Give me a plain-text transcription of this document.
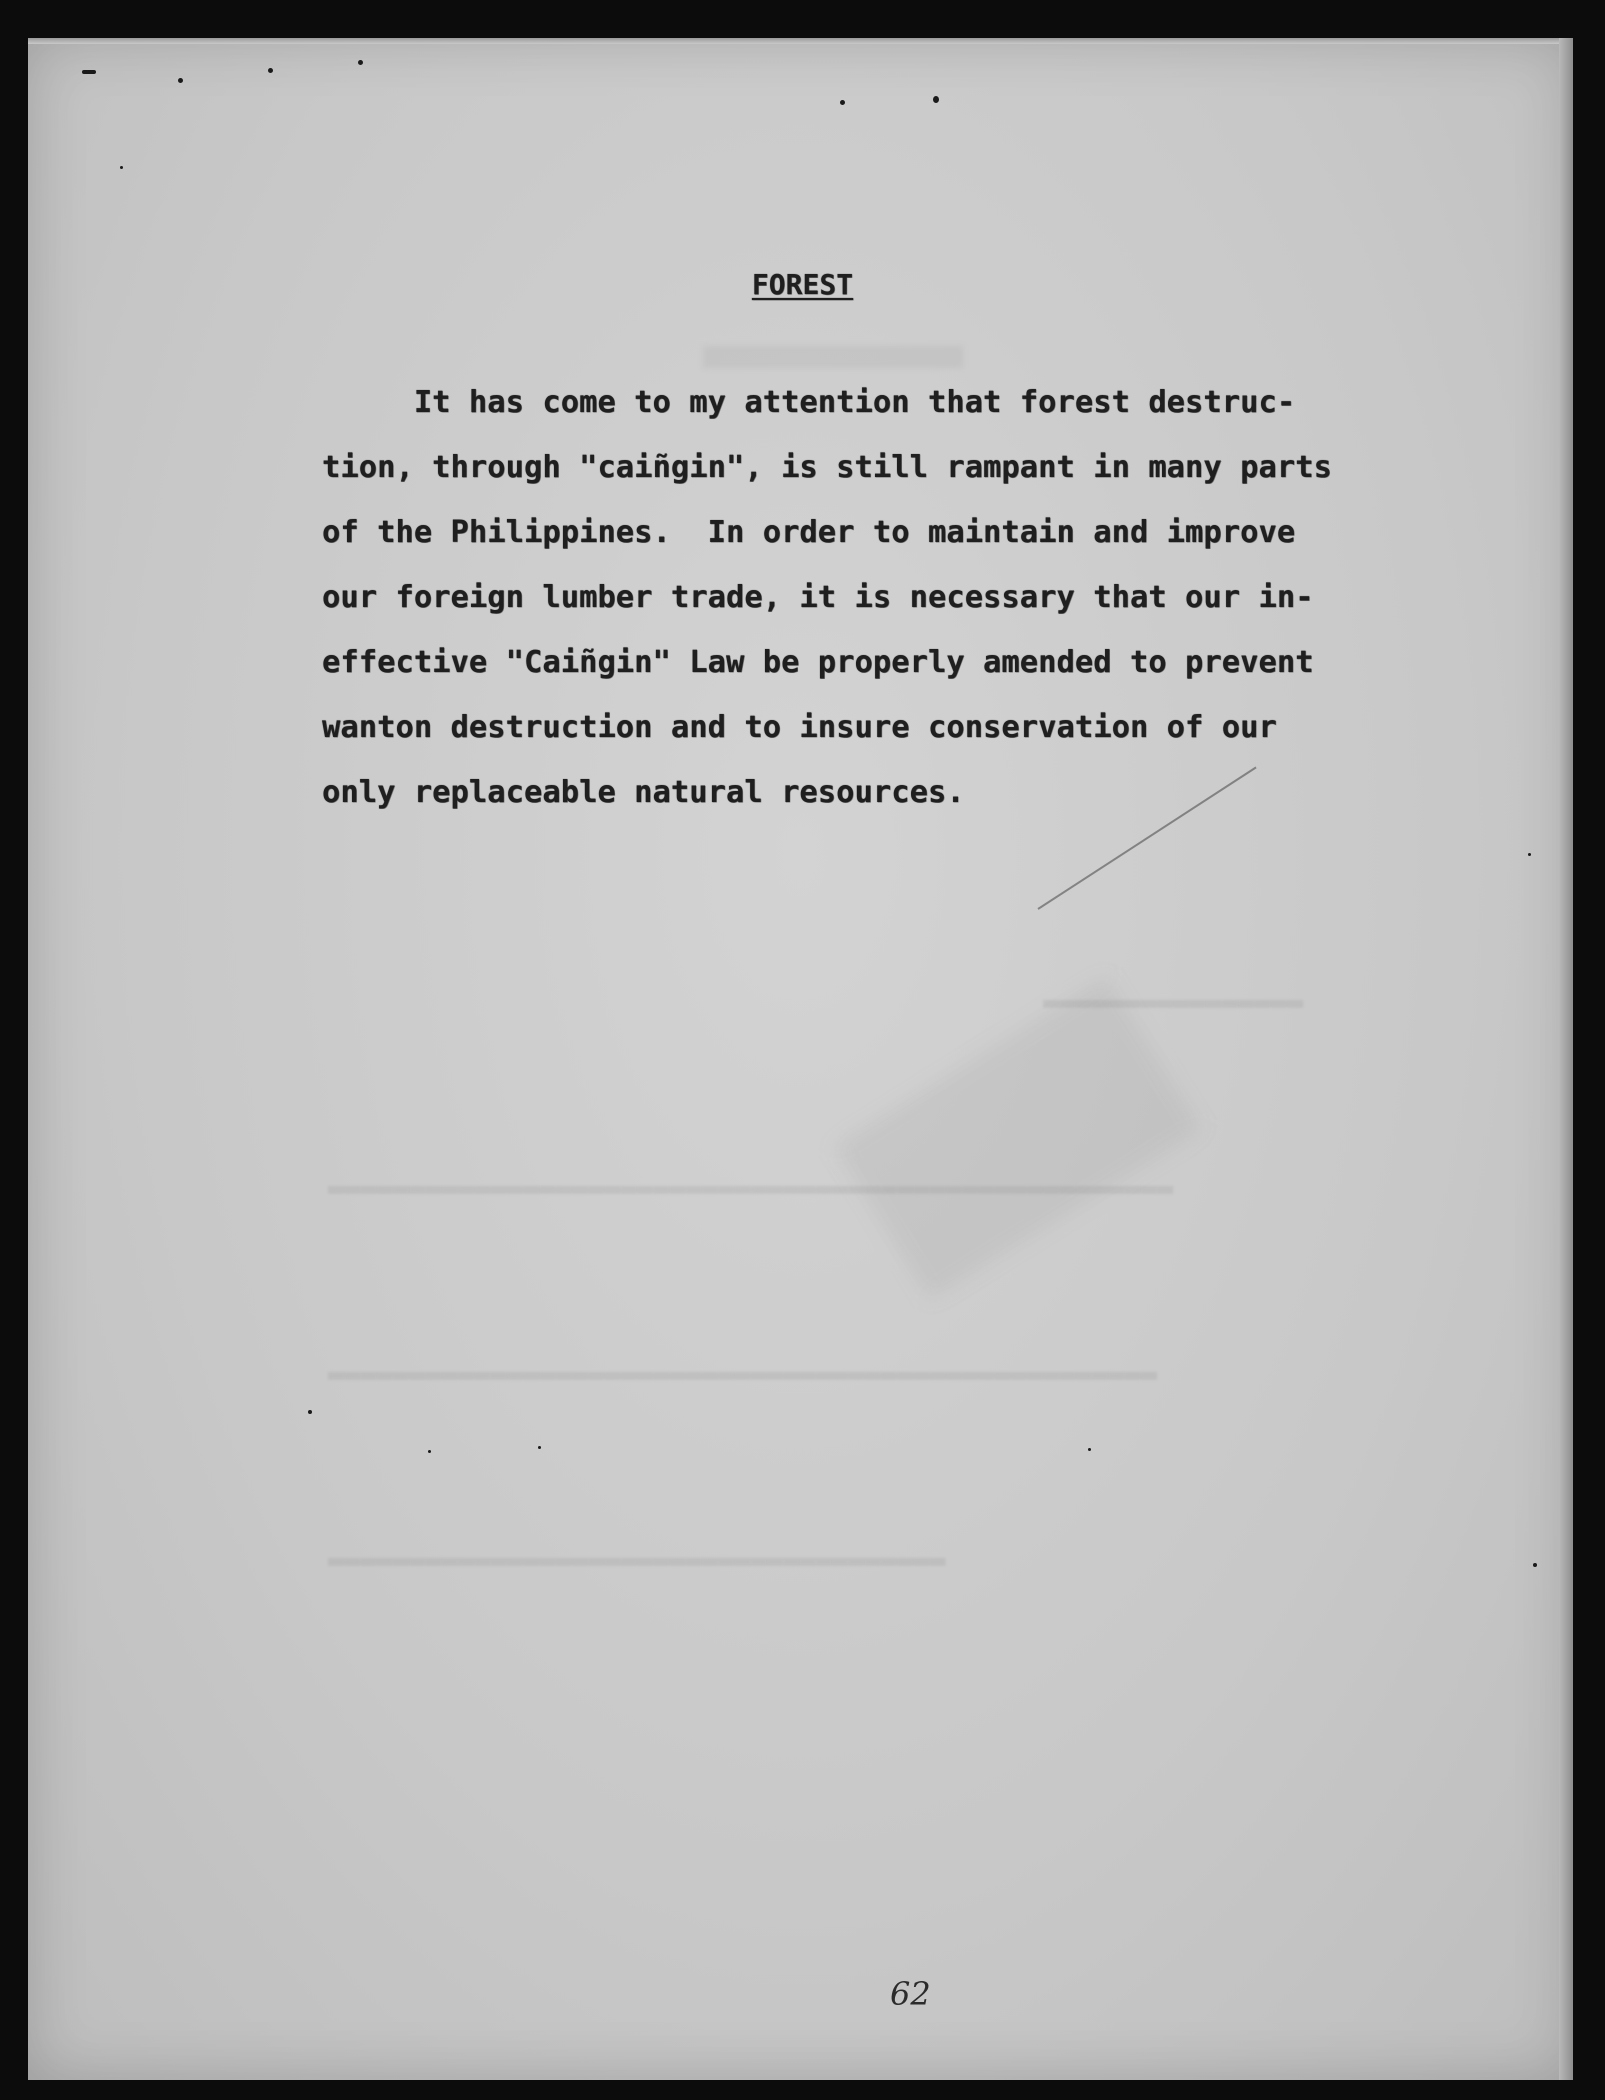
▬▬▬▬▬▬▬▬▬▬▬▬▬▬▬▬

▬▬▬▬▬▬▬▬▬▬▬▬▬▬▬▬▬▬▬▬▬▬▬▬▬▬▬▬▬▬▬▬▬▬▬▬▬▬▬▬▬▬▬▬▬▬▬▬▬▬▬▬

▬▬▬▬▬▬▬▬▬▬▬▬▬▬▬▬▬▬▬▬▬▬▬▬▬▬▬▬▬▬▬▬▬▬▬▬▬▬▬▬▬▬▬▬▬▬▬▬▬▬▬

▬▬▬▬▬▬▬▬▬▬▬▬▬▬▬▬▬▬▬▬▬▬▬▬▬▬▬▬▬▬▬▬▬▬▬▬▬▬

FOREST
It has come to my attention that forest destruc-
tion, through "caiñgin", is still rampant in many parts
of the Philippines.  In order to maintain and improve
our foreign lumber trade, it is necessary that our in-
effective "Caiñgin" Law be properly amended to prevent
wanton destruction and to insure conservation of our
only replaceable natural resources.
62
